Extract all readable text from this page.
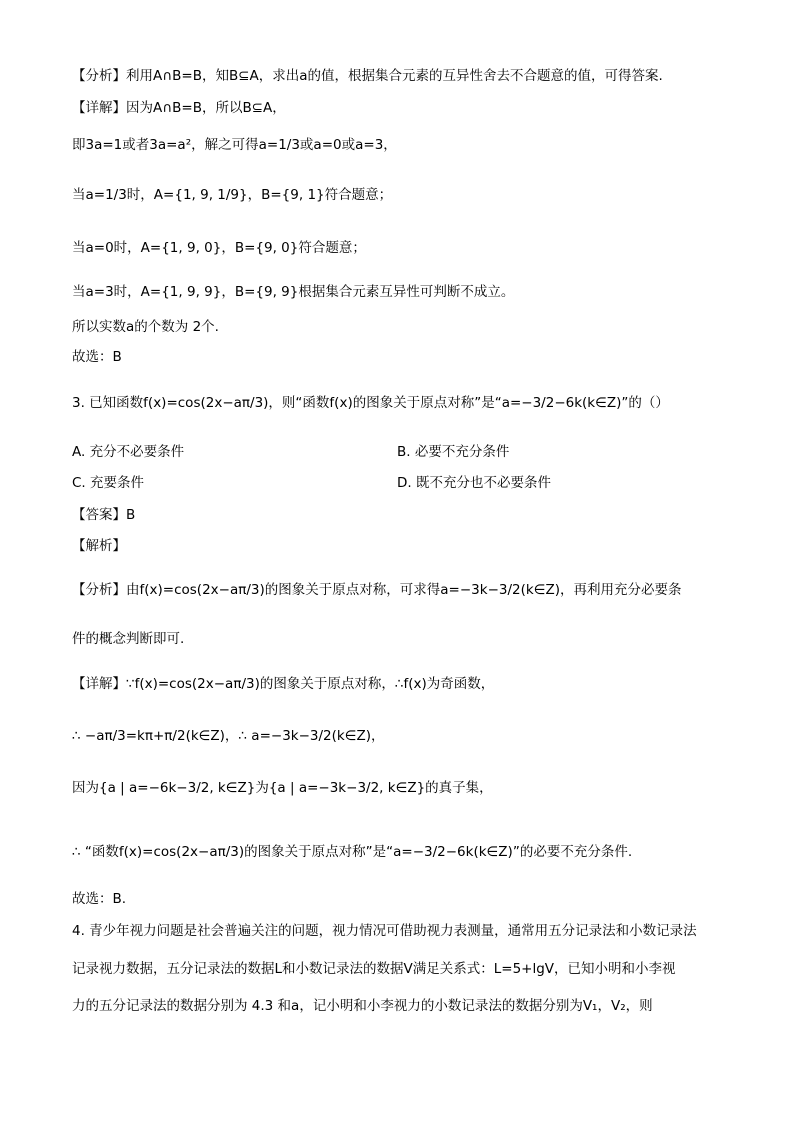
【分析】利用A∩B=B，知B⊆A，求出a的值，根据集合元素的互异性舍去不合题意的值，可得答案.
【详解】因为A∩B=B，所以B⊆A，
即3a=1或者3a=a²，解之可得a=1/3或a=0或a=3，
当a=1/3时，A={1, 9, 1/9}，B={9, 1}符合题意；
当a=0时，A={1, 9, 0}，B={9, 0}符合题意；
当a=3时，A={1, 9, 9}，B={9, 9}根据集合元素互异性可判断不成立。
所以实数a的个数为 2个.
故选：B
3. 已知函数f(x)=cos(2x−aπ/3)，则“函数f(x)的图象关于原点对称”是“a=−3/2−6k(k∈Z)”的（）
A. 充分不必要条件	B. 必要不充分条件
C. 充要条件	D. 既不充分也不必要条件
【答案】B
【解析】
【分析】由f(x)=cos(2x−aπ/3)的图象关于原点对称，可求得a=−3k−3/2(k∈Z)，再利用充分必要条
件的概念判断即可.
【详解】∵f(x)=cos(2x−aπ/3)的图象关于原点对称，∴f(x)为奇函数，
∴ −aπ/3=kπ+π/2(k∈Z)，∴ a=−3k−3/2(k∈Z)，
因为{a | a=−6k−3/2, k∈Z}为{a | a=−3k−3/2, k∈Z}的真子集，
∴ “函数f(x)=cos(2x−aπ/3)的图象关于原点对称”是“a=−3/2−6k(k∈Z)”的必要不充分条件.
故选：B.
4. 青少年视力问题是社会普遍关注的问题，视力情况可借助视力表测量，通常用五分记录法和小数记录法
记录视力数据，五分记录法的数据L和小数记录法的数据V满足关系式：L=5+lgV，已知小明和小李视
力的五分记录法的数据分别为 4.3 和a，记小明和小李视力的小数记录法的数据分别为V₁，V₂，则
